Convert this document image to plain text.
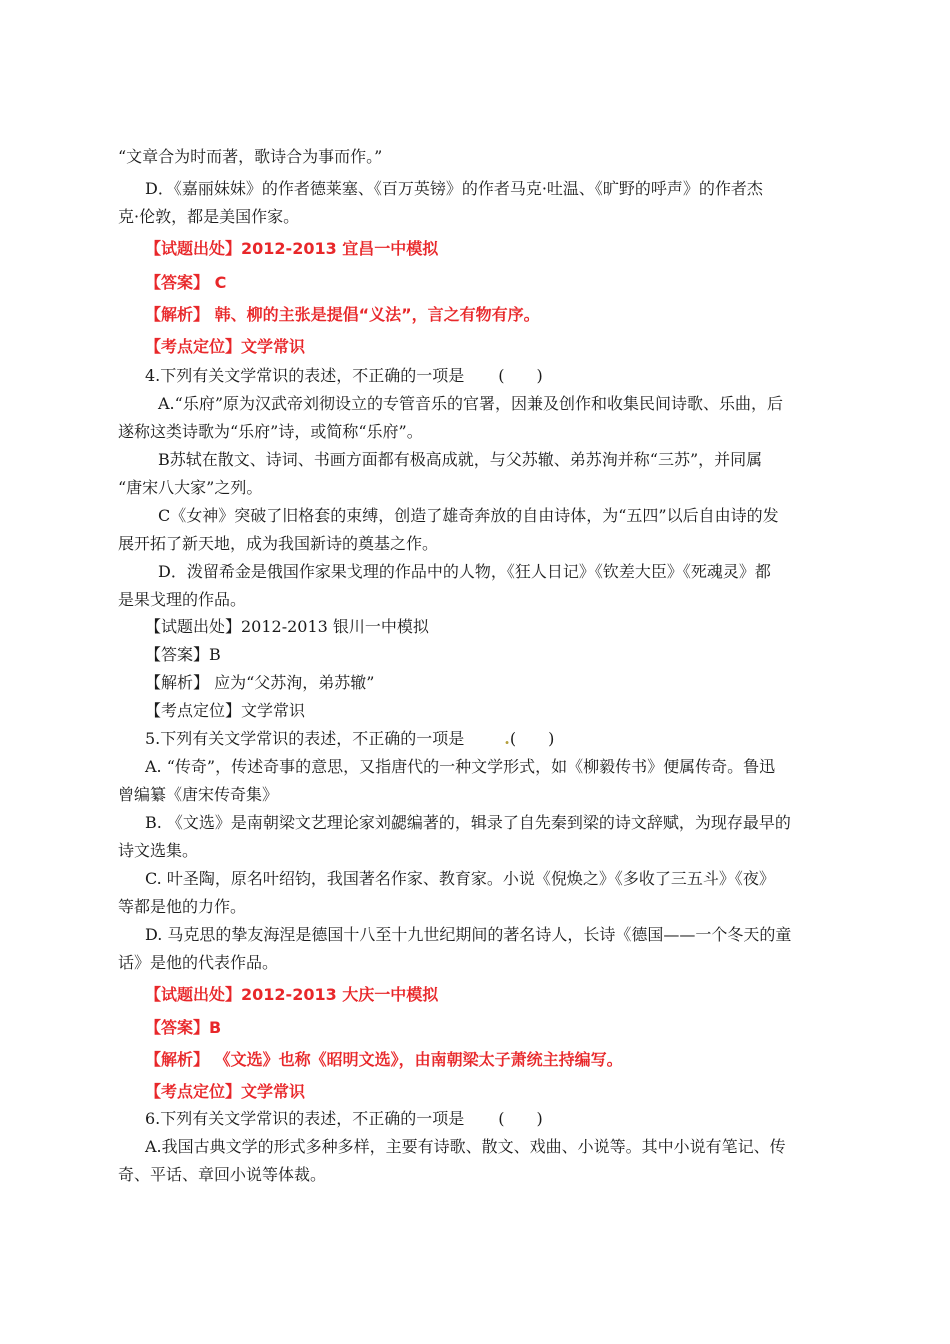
“文章合为时而著，歌诗合为事而作。”
D．《嘉丽妹妹》的作者德莱塞、《百万英镑》的作者马克·吐温、《旷野的呼声》的作者杰
克·伦敦，都是美国作家。
【试题出处】2012-2013 宜昌一中模拟
【答案】 C
【解析】 韩、柳的主张是提倡“义法”，言之有物有序。
【考点定位】文学常识
4.下列有关文学常识的表述，不正确的一项是 (　　)
A.“乐府”原为汉武帝刘彻设立的专管音乐的官署，因兼及创作和收集民间诗歌、乐曲，后
遂称这类诗歌为“乐府”诗，或简称“乐府”。
B苏轼在散文、诗词、书画方面都有极高成就，与父苏辙、弟苏洵并称“三苏”，并同属
“唐宋八大家”之列。
C《女神》突破了旧格套的束缚，创造了雄奇奔放的自由诗体，为“五四”以后自由诗的发
展开拓了新天地，成为我国新诗的奠基之作。
D．泼留希金是俄国作家果戈理的作品中的人物，《狂人日记》《钦差大臣》《死魂灵》都
是果戈理的作品。
【试题出处】2012-2013 银川一中模拟
【答案】B
【解析】 应为“父苏洵，弟苏辙”
【考点定位】文学常识
5.下列有关文学常识的表述，不正确的一项是	.(　　)
A. “传奇”，传述奇事的意思，又指唐代的一种文学形式，如《柳毅传书》便属传奇。鲁迅
曾编纂《唐宋传奇集》
B. 《文选》是南朝梁文艺理论家刘勰编著的，辑录了自先秦到梁的诗文辞赋，为现存最早的
诗文选集。
C. 叶圣陶，原名叶绍钧，我国著名作家、教育家。小说《倪焕之》《多收了三五斗》《夜》
等都是他的力作。
D. 马克思的挚友海涅是德国十八至十九世纪期间的著名诗人，长诗《德国——一个冬天的童
话》是他的代表作品。
【试题出处】2012-2013 大庆一中模拟
【答案】B
【解析】 《文选》也称《昭明文选》，由南朝梁太子萧统主持编写。
【考点定位】文学常识
6.下列有关文学常识的表述，不正确的一项是 (　　)
A.我国古典文学的形式多种多样，主要有诗歌、散文、戏曲、小说等。其中小说有笔记、传
奇、平话、章回小说等体裁。
